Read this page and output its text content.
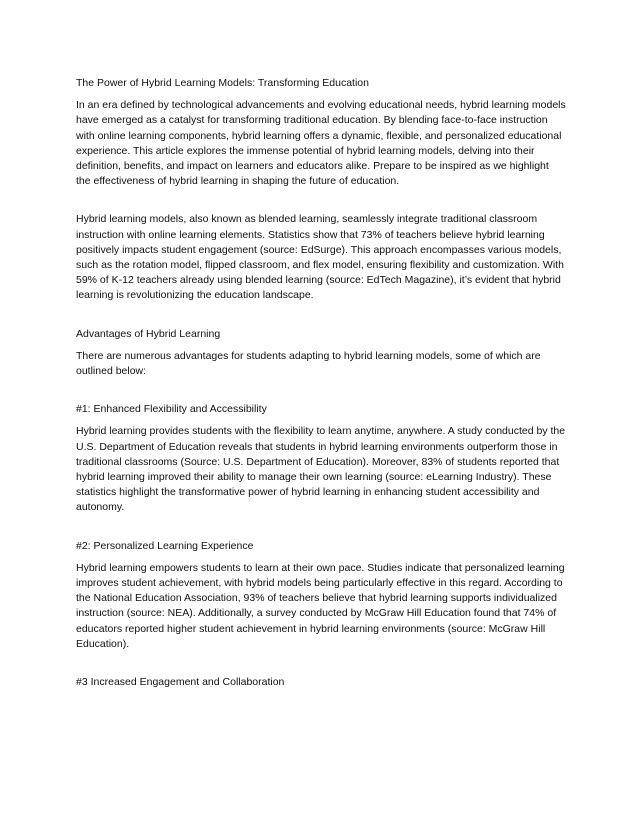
The Power of Hybrid Learning Models: Transforming Education

In an era defined by technological advancements and evolving educational needs, hybrid learning models have emerged as a catalyst for transforming traditional education. By blending face-to-face instruction with online learning components, hybrid learning offers a dynamic, flexible, and personalized educational experience. This article explores the immense potential of hybrid learning models, delving into their definition, benefits, and impact on learners and educators alike. Prepare to be inspired as we highlight the effectiveness of hybrid learning in shaping the future of education.

Hybrid learning models, also known as blended learning, seamlessly integrate traditional classroom instruction with online learning elements. Statistics show that 73% of teachers believe hybrid learning positively impacts student engagement (source: EdSurge). This approach encompasses various models, such as the rotation model, flipped classroom, and flex model, ensuring flexibility and customization. With 59% of K-12 teachers already using blended learning (source: EdTech Magazine), it’s evident that hybrid learning is revolutionizing the education landscape.

Advantages of Hybrid Learning

There are numerous advantages for students adapting to hybrid learning models, some of which are outlined below:

#1: Enhanced Flexibility and Accessibility

Hybrid learning provides students with the flexibility to learn anytime, anywhere. A study conducted by the U.S. Department of Education reveals that students in hybrid learning environments outperform those in traditional classrooms (Source: U.S. Department of Education). Moreover, 83% of students reported that hybrid learning improved their ability to manage their own learning (source: eLearning Industry). These statistics highlight the transformative power of hybrid learning in enhancing student accessibility and autonomy.

#2: Personalized Learning Experience

Hybrid learning empowers students to learn at their own pace. Studies indicate that personalized learning improves student achievement, with hybrid models being particularly effective in this regard. According to the National Education Association, 93% of teachers believe that hybrid learning supports individualized instruction (source: NEA). Additionally, a survey conducted by McGraw Hill Education found that 74% of educators reported higher student achievement in hybrid learning environments (source: McGraw Hill Education).

#3 Increased Engagement and Collaboration
